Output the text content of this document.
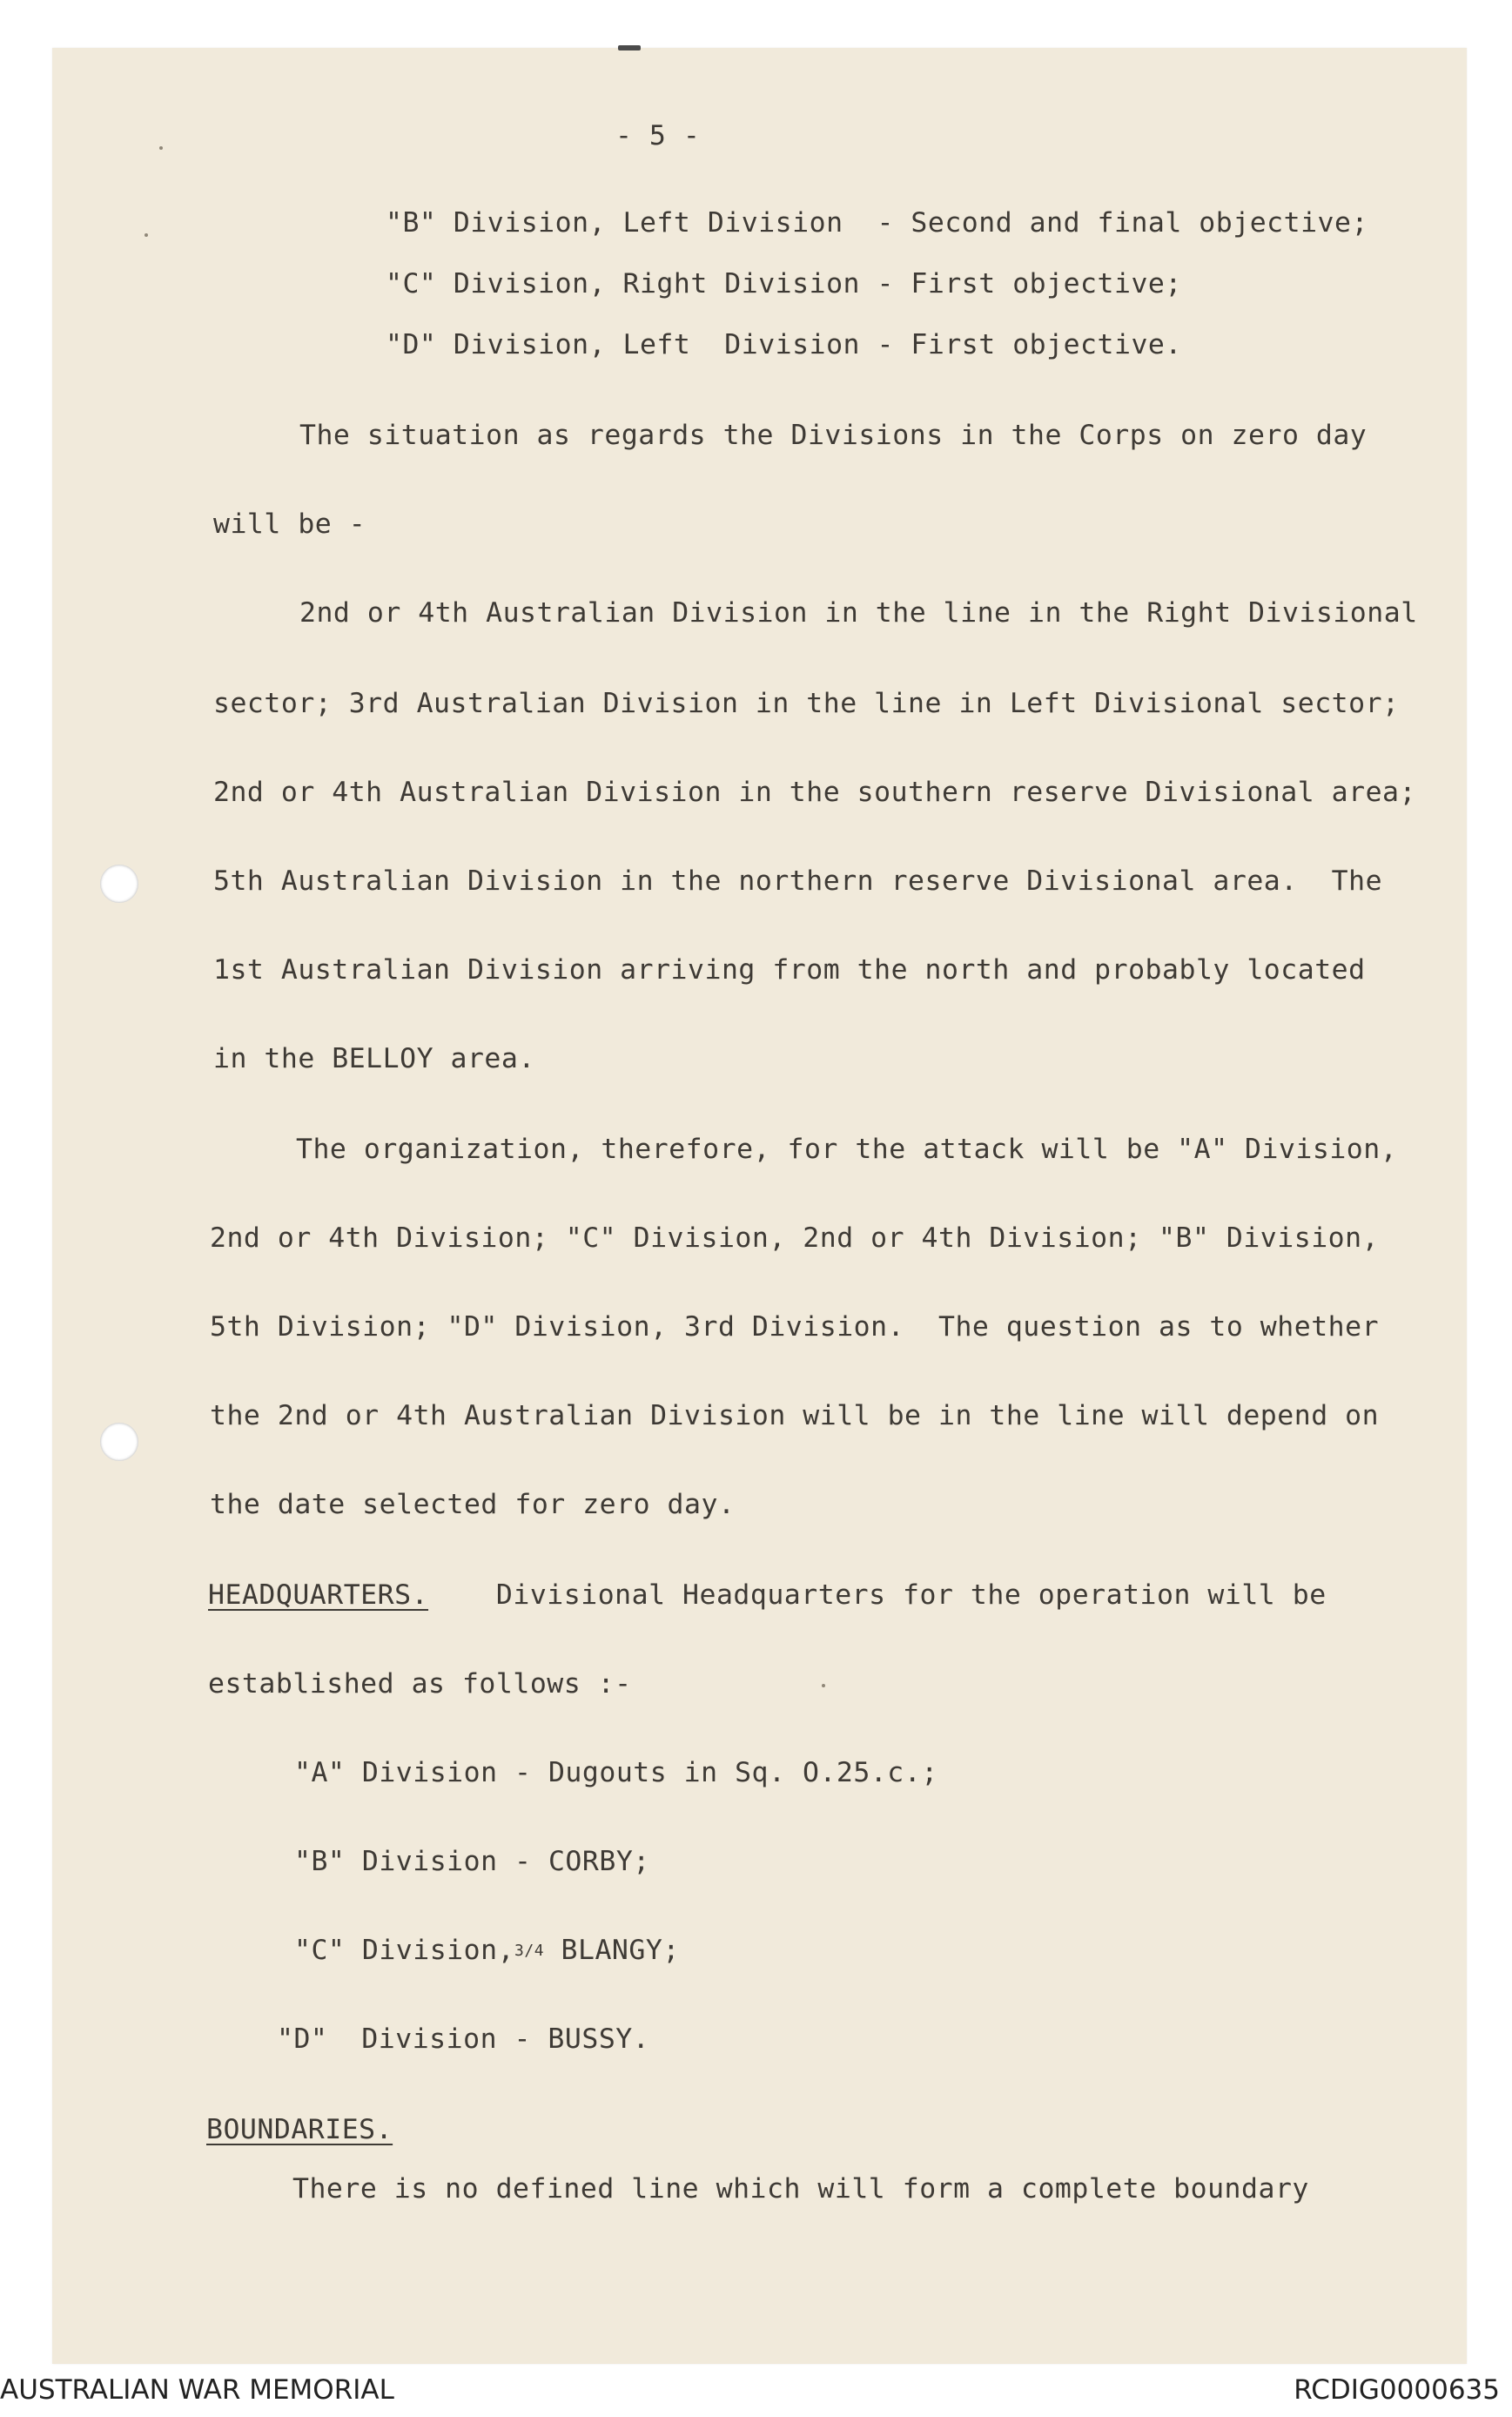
- 5 -

"B" Division, Left Division  - Second and final objective;

"C" Division, Right Division - First objective;

"D" Division, Left  Division - First objective.

The situation as regards the Divisions in the Corps on zero day

will be -

2nd or 4th Australian Division in the line in the Right Divisional

sector; 3rd Australian Division in the line in Left Divisional sector;

2nd or 4th Australian Division in the southern reserve Divisional area;

5th Australian Division in the northern reserve Divisional area.  The

1st Australian Division arriving from the north and probably located

in the BELLOY area.

The organization, therefore, for the attack will be "A" Division,

2nd or 4th Division; "C" Division, 2nd or 4th Division; "B" Division,

5th Division; "D" Division, 3rd Division.  The question as to whether

the 2nd or 4th Australian Division will be in the line will depend on

the date selected for zero day.

HEADQUARTERS.    Divisional Headquarters for the operation will be

established as follows :-

"A" Division - Dugouts in Sq. O.25.c.;

"B" Division - CORBY;

"C" Division,3/4 BLANGY;

"D"  Division - BUSSY.

BOUNDARIES.

There is no defined line which will form a complete boundary

AUSTRALIAN WAR MEMORIAL	RCDIG0000635
